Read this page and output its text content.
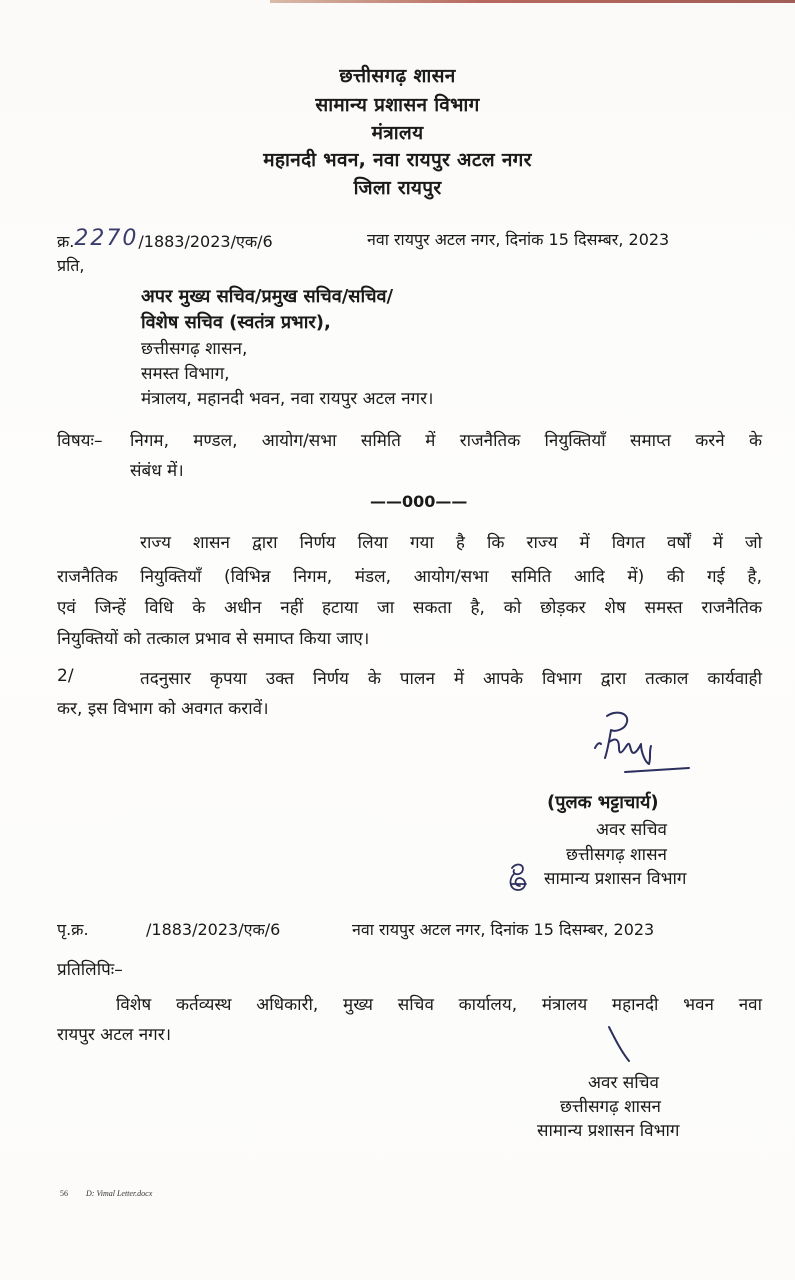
छत्तीसगढ़ शासन
सामान्य प्रशासन विभाग
मंत्रालय
महानदी भवन, नवा रायपुर अटल नगर
जिला रायपुर
क्र.2270/1883/2023/एक/6	नवा रायपुर अटल नगर, दिनांक 15 दिसम्बर, 2023
प्रति,
अपर मुख्य सचिव/प्रमुख सचिव/सचिव/
विशेष सचिव (स्वतंत्र प्रभार),
छत्तीसगढ़ शासन,
समस्त विभाग,
मंत्रालय, महानदी भवन, नवा रायपुर अटल नगर।
विषयः– निगम, मण्डल, आयोग/सभा समिति में राजनैतिक नियुक्तियाँ समाप्त करने के
संबंध में।
——000——
राज्य शासन द्वारा निर्णय लिया गया है कि राज्य में विगत वर्षों में जो
राजनैतिक नियुक्तियाँ (विभिन्न निगम, मंडल, आयोग/सभा समिति आदि में) की गई है,
एवं जिन्हें विधि के अधीन नहीं हटाया जा सकता है, को छोड़कर शेष समस्त राजनैतिक
नियुक्तियों को तत्काल प्रभाव से समाप्त किया जाए।
2/	तदनुसार कृपया उक्त निर्णय के पालन में आपके विभाग द्वारा तत्काल कार्यवाही
कर, इस विभाग को अवगत करावें।
(पुलक भट्टाचार्य)
अवर सचिव
छत्तीसगढ़ शासन
सामान्य प्रशासन विभाग
पृ.क्र.	/1883/2023/एक/6	नवा रायपुर अटल नगर, दिनांक 15 दिसम्बर, 2023
प्रतिलिपिः–
विशेष कर्तव्यस्थ अधिकारी, मुख्य सचिव कार्यालय, मंत्रालय महानदी भवन नवा
रायपुर अटल नगर।
अवर सचिव
छत्तीसगढ़ शासन
सामान्य प्रशासन विभाग
56 D: Vimal Letter.docx
